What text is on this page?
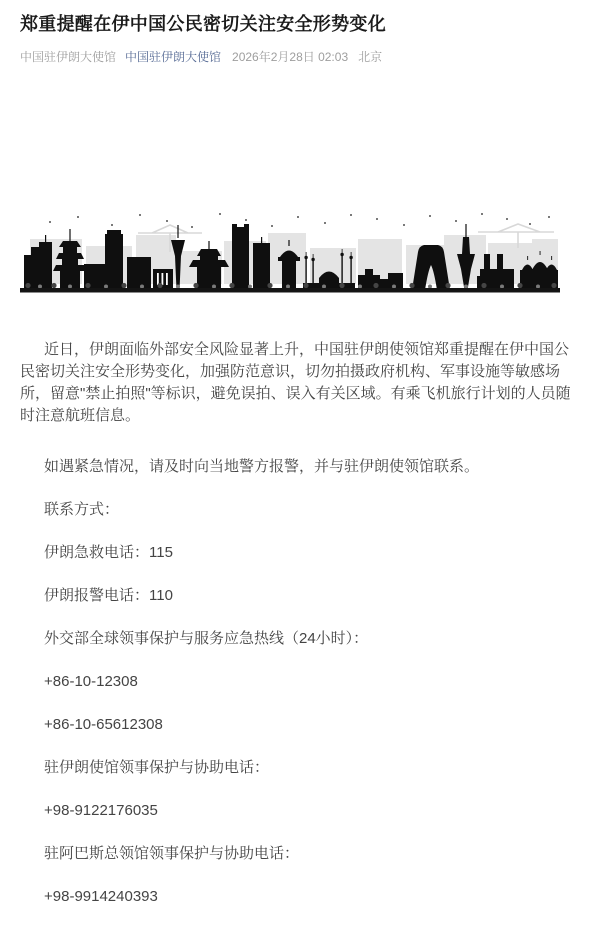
郑重提醒在伊中国公民密切关注安全形势变化
中国驻伊朗大使馆 中国驻伊朗大使馆 2026年2月28日 02:03 北京

近日，伊朗面临外部安全风险显著上升，中国驻伊朗使领馆郑重提醒在伊中国公民密切关注安全形势变化，加强防范意识，切勿拍摄政府机构、军事设施等敏感场所，留意"禁止拍照"等标识，避免误拍、误入有关区域。有乘飞机旅行计划的人员随时注意航班信息。

如遇紧急情况，请及时向当地警方报警，并与驻伊朗使领馆联系。

联系方式：

伊朗急救电话：115

伊朗报警电话：110

外交部全球领事保护与服务应急热线（24小时）：

+86-10-12308

+86-10-65612308

驻伊朗使馆领事保护与协助电话：

+98-9122176035

驻阿巴斯总领馆领事保护与协助电话：

+98-9914240393
